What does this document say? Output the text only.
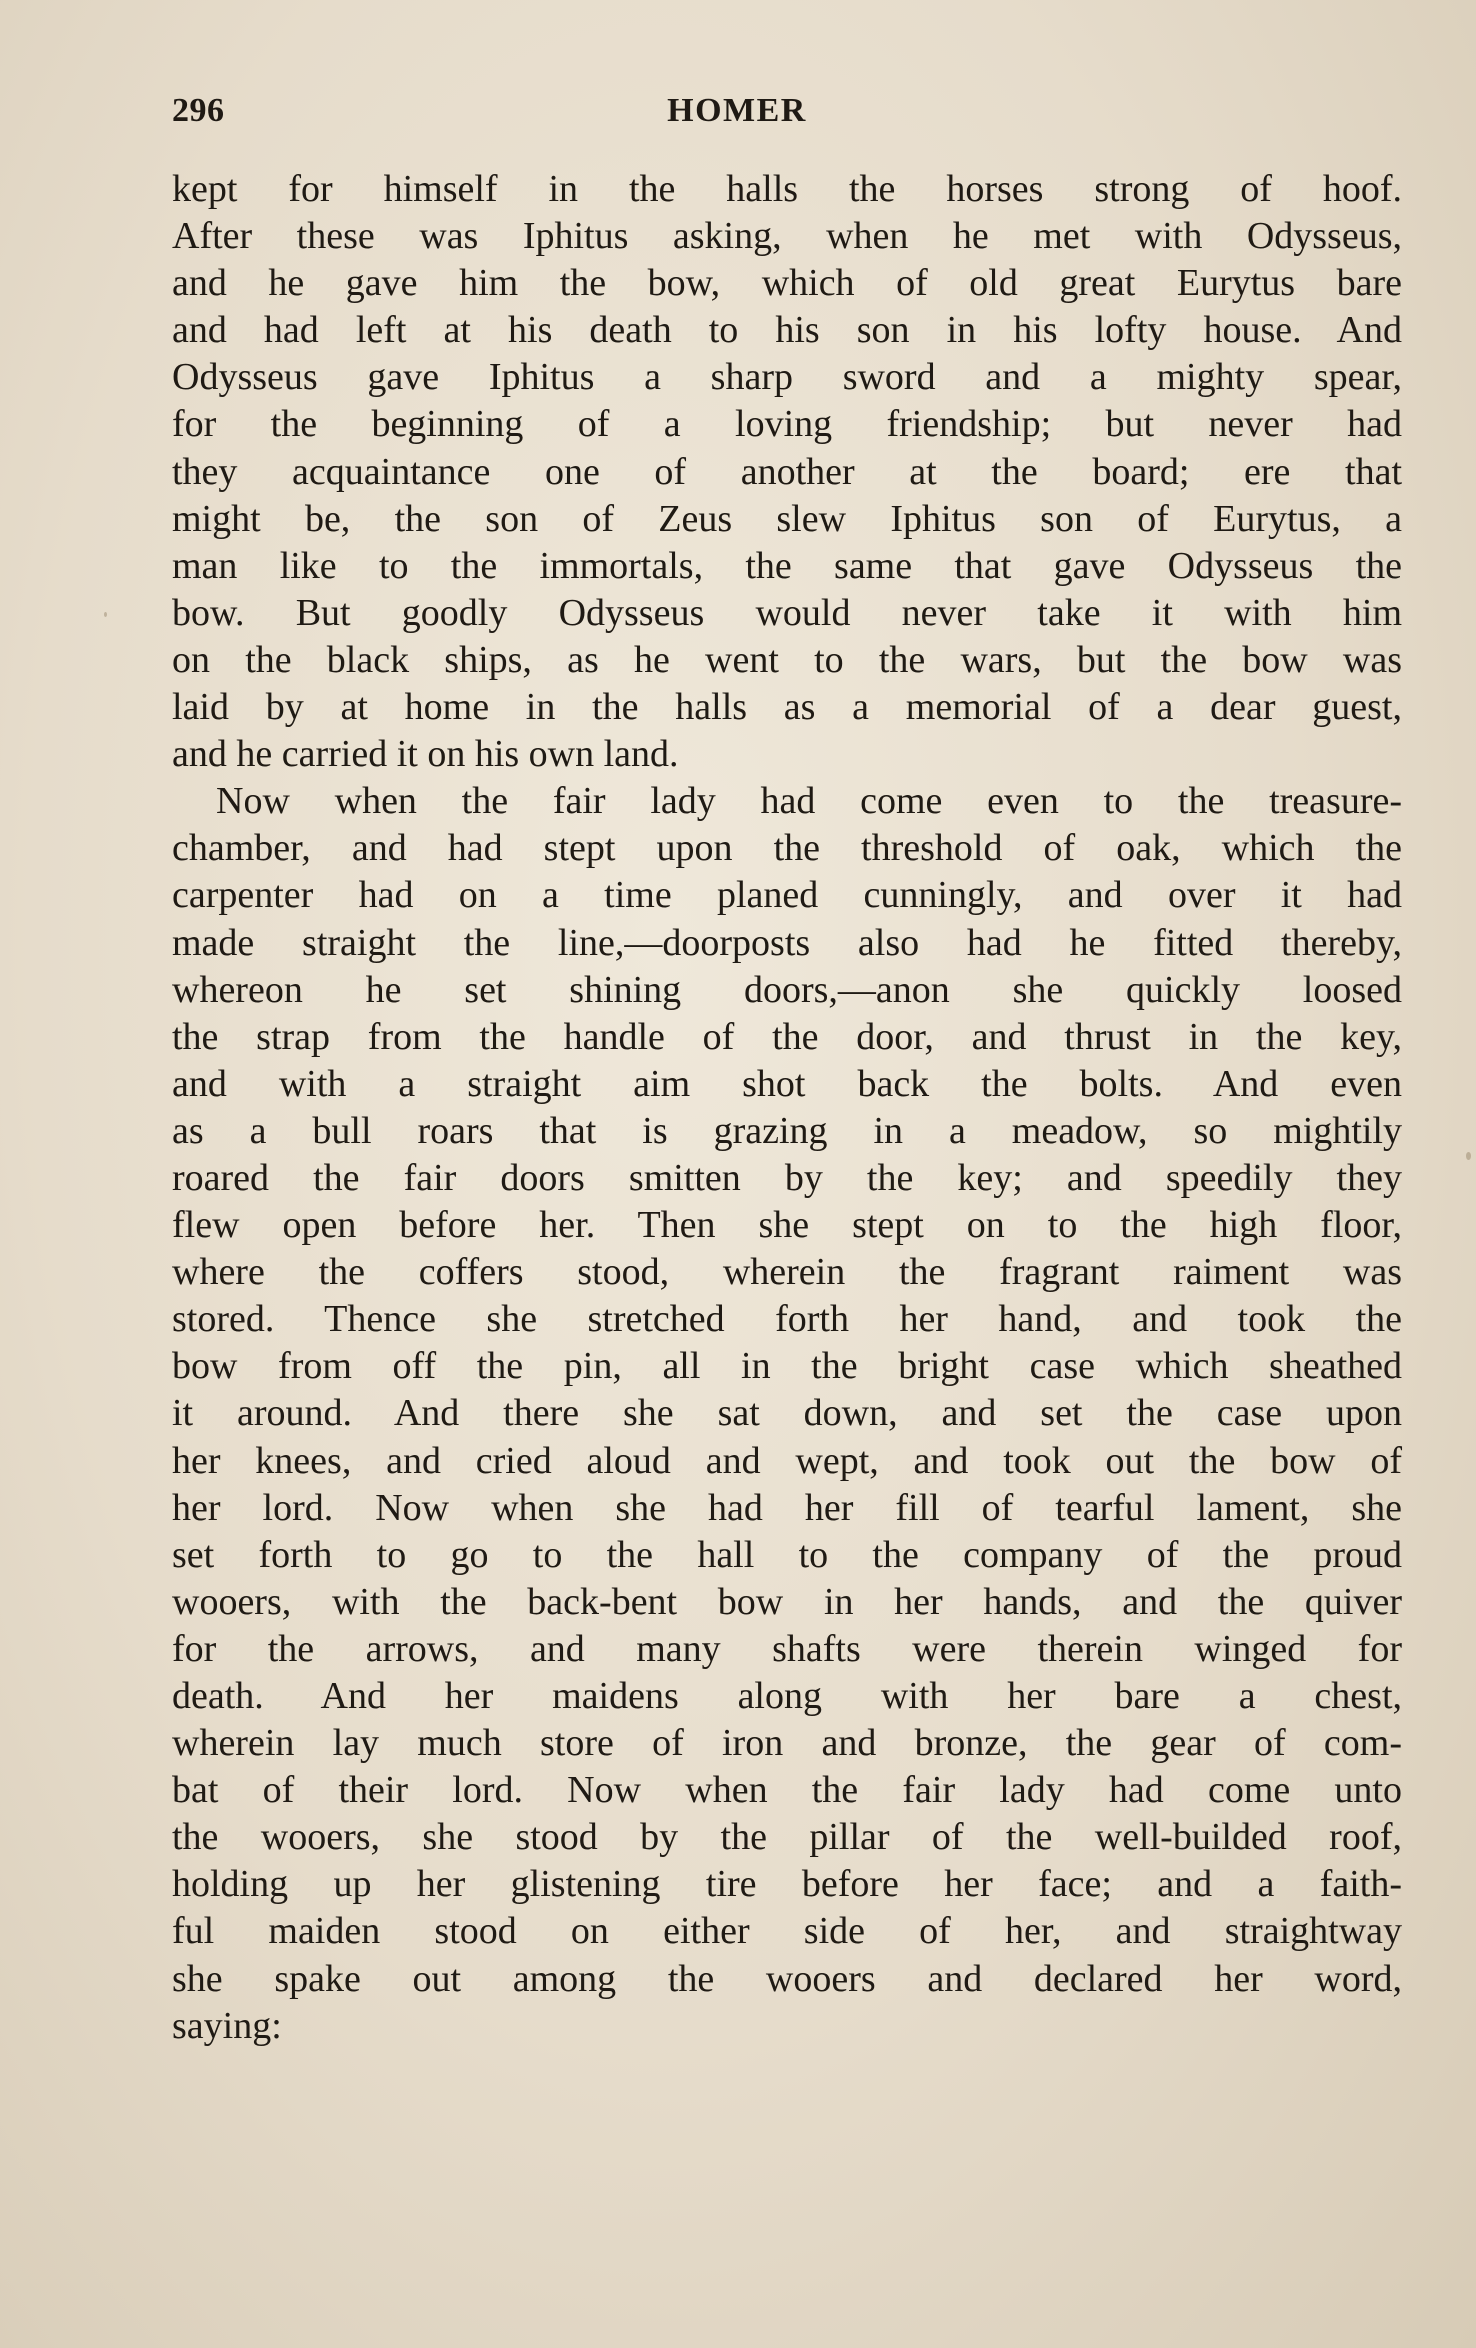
296	HOMER
kept for himself in the halls the horses strong of hoof.
After these was Iphitus asking, when he met with Odysseus,
and he gave him the bow, which of old great Eurytus bare
and had left at his death to his son in his lofty house. And
Odysseus gave Iphitus a sharp sword and a mighty spear,
for the beginning of a loving friendship; but never had
they acquaintance one of another at the board; ere that
might be, the son of Zeus slew Iphitus son of Eurytus, a
man like to the immortals, the same that gave Odysseus the
bow. But goodly Odysseus would never take it with him
on the black ships, as he went to the wars, but the bow was
laid by at home in the halls as a memorial of a dear guest,
and he carried it on his own land.
Now when the fair lady had come even to the treasure-
chamber, and had stept upon the threshold of oak, which the
carpenter had on a time planed cunningly, and over it had
made straight the line,—doorposts also had he fitted thereby,
whereon he set shining doors,—anon she quickly loosed
the strap from the handle of the door, and thrust in the key,
and with a straight aim shot back the bolts. And even
as a bull roars that is grazing in a meadow, so mightily
roared the fair doors smitten by the key; and speedily they
flew open before her. Then she stept on to the high floor,
where the coffers stood, wherein the fragrant raiment was
stored. Thence she stretched forth her hand, and took the
bow from off the pin, all in the bright case which sheathed
it around. And there she sat down, and set the case upon
her knees, and cried aloud and wept, and took out the bow of
her lord. Now when she had her fill of tearful lament, she
set forth to go to the hall to the company of the proud
wooers, with the back-bent bow in her hands, and the quiver
for the arrows, and many shafts were therein winged for
death. And her maidens along with her bare a chest,
wherein lay much store of iron and bronze, the gear of com-
bat of their lord. Now when the fair lady had come unto
the wooers, she stood by the pillar of the well-builded roof,
holding up her glistening tire before her face; and a faith-
ful maiden stood on either side of her, and straightway
she spake out among the wooers and declared her word,
saying:
